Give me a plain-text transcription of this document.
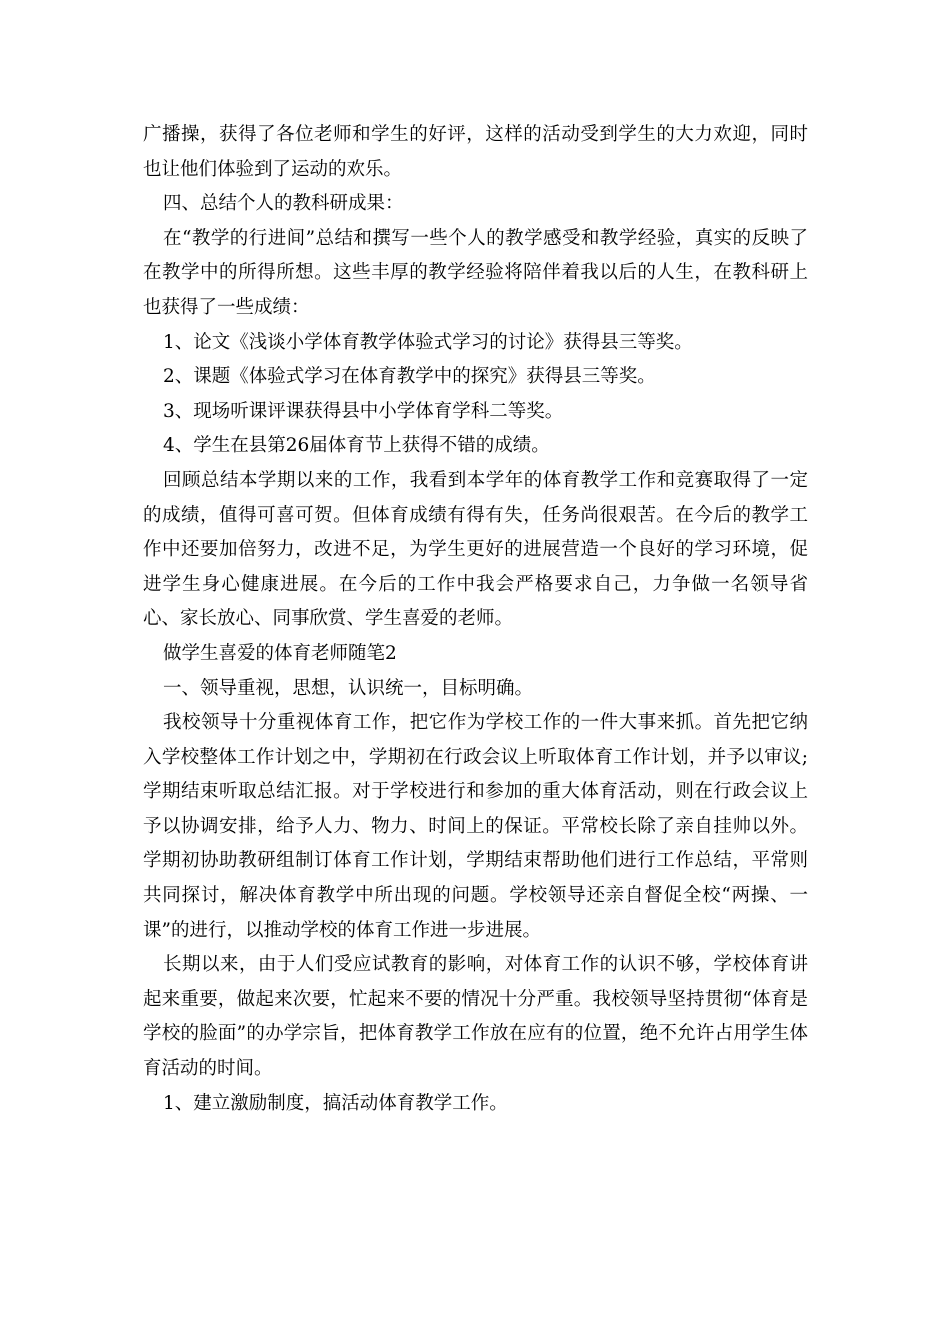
广播操，获得了各位老师和学生的好评，这样的活动受到学生的大力欢迎，同时也让他们体验到了运动的欢乐。

四、总结个人的教科研成果：

在“教学的行进间”总结和撰写一些个人的教学感受和教学经验，真实的反映了在教学中的所得所想。这些丰厚的教学经验将陪伴着我以后的人生，在教科研上也获得了一些成绩：

1、论文《浅谈小学体育教学体验式学习的讨论》获得县三等奖。

2、课题《体验式学习在体育教学中的探究》获得县三等奖。

3、现场听课评课获得县中小学体育学科二等奖。

4、学生在县第26届体育节上获得不错的成绩。

回顾总结本学期以来的工作，我看到本学年的体育教学工作和竞赛取得了一定的成绩，值得可喜可贺。但体育成绩有得有失，任务尚很艰苦。在今后的教学工作中还要加倍努力，改进不足，为学生更好的进展营造一个良好的学习环境，促进学生身心健康进展。在今后的工作中我会严格要求自己，力争做一名领导省心、家长放心、同事欣赏、学生喜爱的老师。

做学生喜爱的体育老师随笔2

一、领导重视，思想，认识统一，目标明确。

我校领导十分重视体育工作，把它作为学校工作的一件大事来抓。首先把它纳入学校整体工作计划之中，学期初在行政会议上听取体育工作计划，并予以审议;学期结束听取总结汇报。对于学校进行和参加的重大体育活动，则在行政会议上予以协调安排，给予人力、物力、时间上的保证。平常校长除了亲自挂帅以外。学期初协助教研组制订体育工作计划，学期结束帮助他们进行工作总结，平常则共同探讨，解决体育教学中所出现的问题。学校领导还亲自督促全校“两操、一课”的进行，以推动学校的体育工作进一步进展。

长期以来，由于人们受应试教育的影响，对体育工作的认识不够，学校体育讲起来重要，做起来次要，忙起来不要的情况十分严重。我校领导坚持贯彻“体育是学校的脸面”的办学宗旨，把体育教学工作放在应有的位置，绝不允许占用学生体育活动的时间。

1、建立激励制度，搞活动体育教学工作。
